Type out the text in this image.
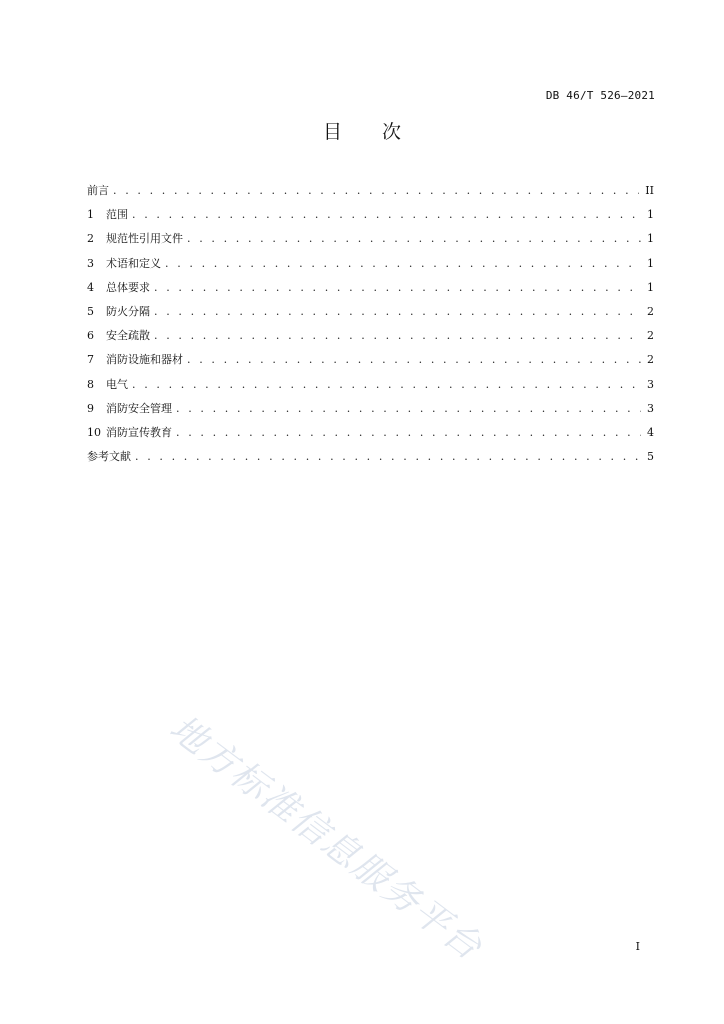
DB 46/T 526—2021
目 次
前言 . . .	II
1	范围 . . .	1
2	规范性引用文件 . . .	1
3	术语和定义 . . .	1
4	总体要求 . . .	1
5	防火分隔 . . .	2
6	安全疏散 . . .	2
7	消防设施和器材 . . .	2
8	电气 . . .	3
9	消防安全管理 . . .	3
10 消防宣传教育 . . .	4
参考文献 . . .	5
地方标准信息服务平台	I
